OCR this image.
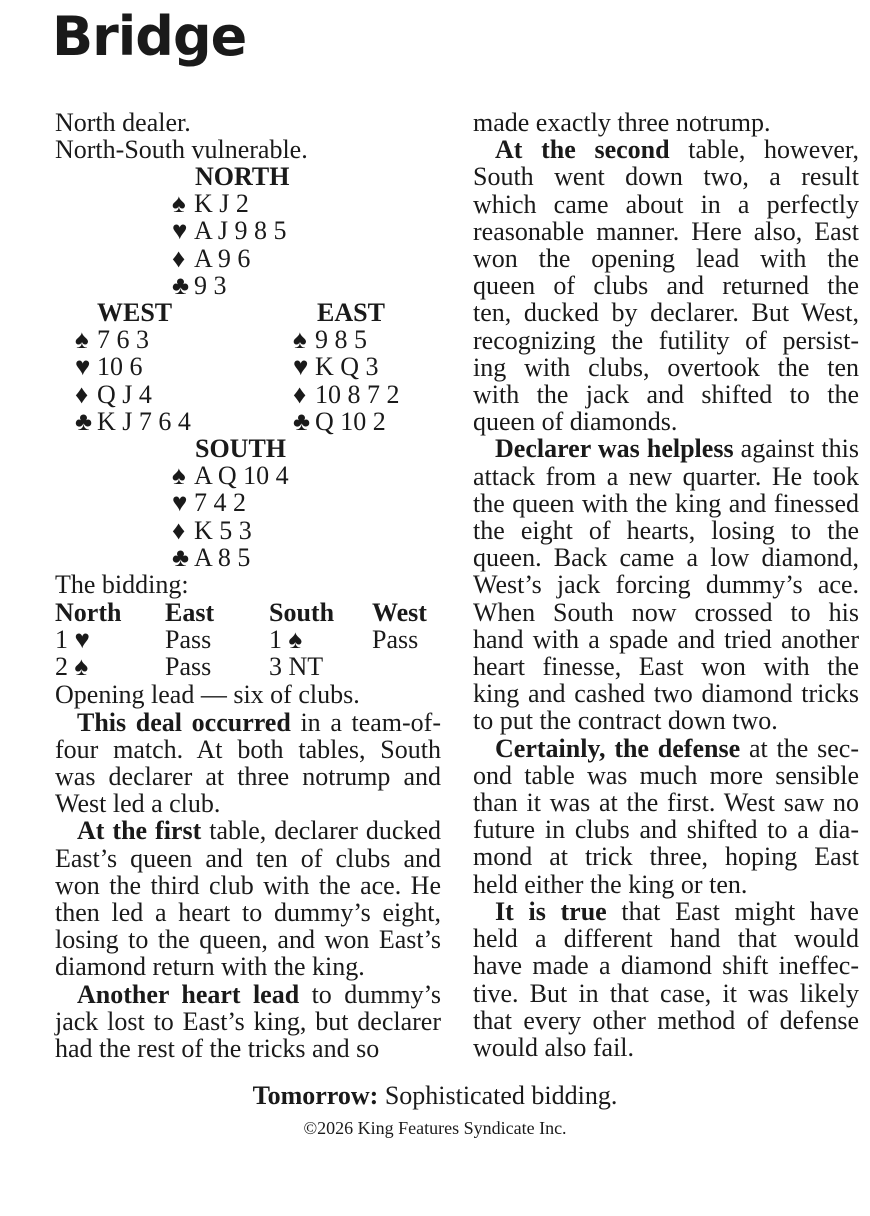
Bridge
North dealer.
North-South vulnerable.
NORTH
♠ K J 2
♥ A J 9 8 5
♦ A 9 6
♣ 9 3
WEST	EAST
♠ 7 6 3
♥ 10 6
♦ Q J 4
♣ K J 7 6 4
♠ 9 8 5
♥ K Q 3
♦ 10 8 7 2
♣ Q 10 2
SOUTH
♠ A Q 10 4
♥ 7 4 2
♦ K 5 3
♣ A 8 5
The bidding:
North East South West
1 ♥	Pass 1 ♠	Pass
2 ♠	Pass 3 NT
Opening lead — six of clubs.
This deal occurred in a team-of-
four match. At both tables, South
was declarer at three notrump and
West led a club.
At the first table, declarer ducked
East’s queen and ten of clubs and
won the third club with the ace. He
then led a heart to dummy’s eight,
losing to the queen, and won East’s
diamond return with the king.
Another heart lead to dummy’s
jack lost to East’s king, but declarer
had the rest of the tricks and so
made exactly three notrump.
At the second table, however,
South went down two, a result
which came about in a perfectly
reasonable manner. Here also, East
won the opening lead with the
queen of clubs and returned the
ten, ducked by declarer. But West,
recognizing the futility of persist-
ing with clubs, overtook the ten
with the jack and shifted to the
queen of diamonds.
Declarer was helpless against this
attack from a new quarter. He took
the queen with the king and finessed
the eight of hearts, losing to the
queen. Back came a low diamond,
West’s jack forcing dummy’s ace.
When South now crossed to his
hand with a spade and tried another
heart finesse, East won with the
king and cashed two diamond tricks
to put the contract down two.
Certainly, the defense at the sec-
ond table was much more sensible
than it was at the first. West saw no
future in clubs and shifted to a dia-
mond at trick three, hoping East
held either the king or ten.
It is true that East might have
held a different hand that would
have made a diamond shift ineffec-
tive. But in that case, it was likely
that every other method of defense
would also fail.
Tomorrow: Sophisticated bidding.
©2026 King Features Syndicate Inc.
